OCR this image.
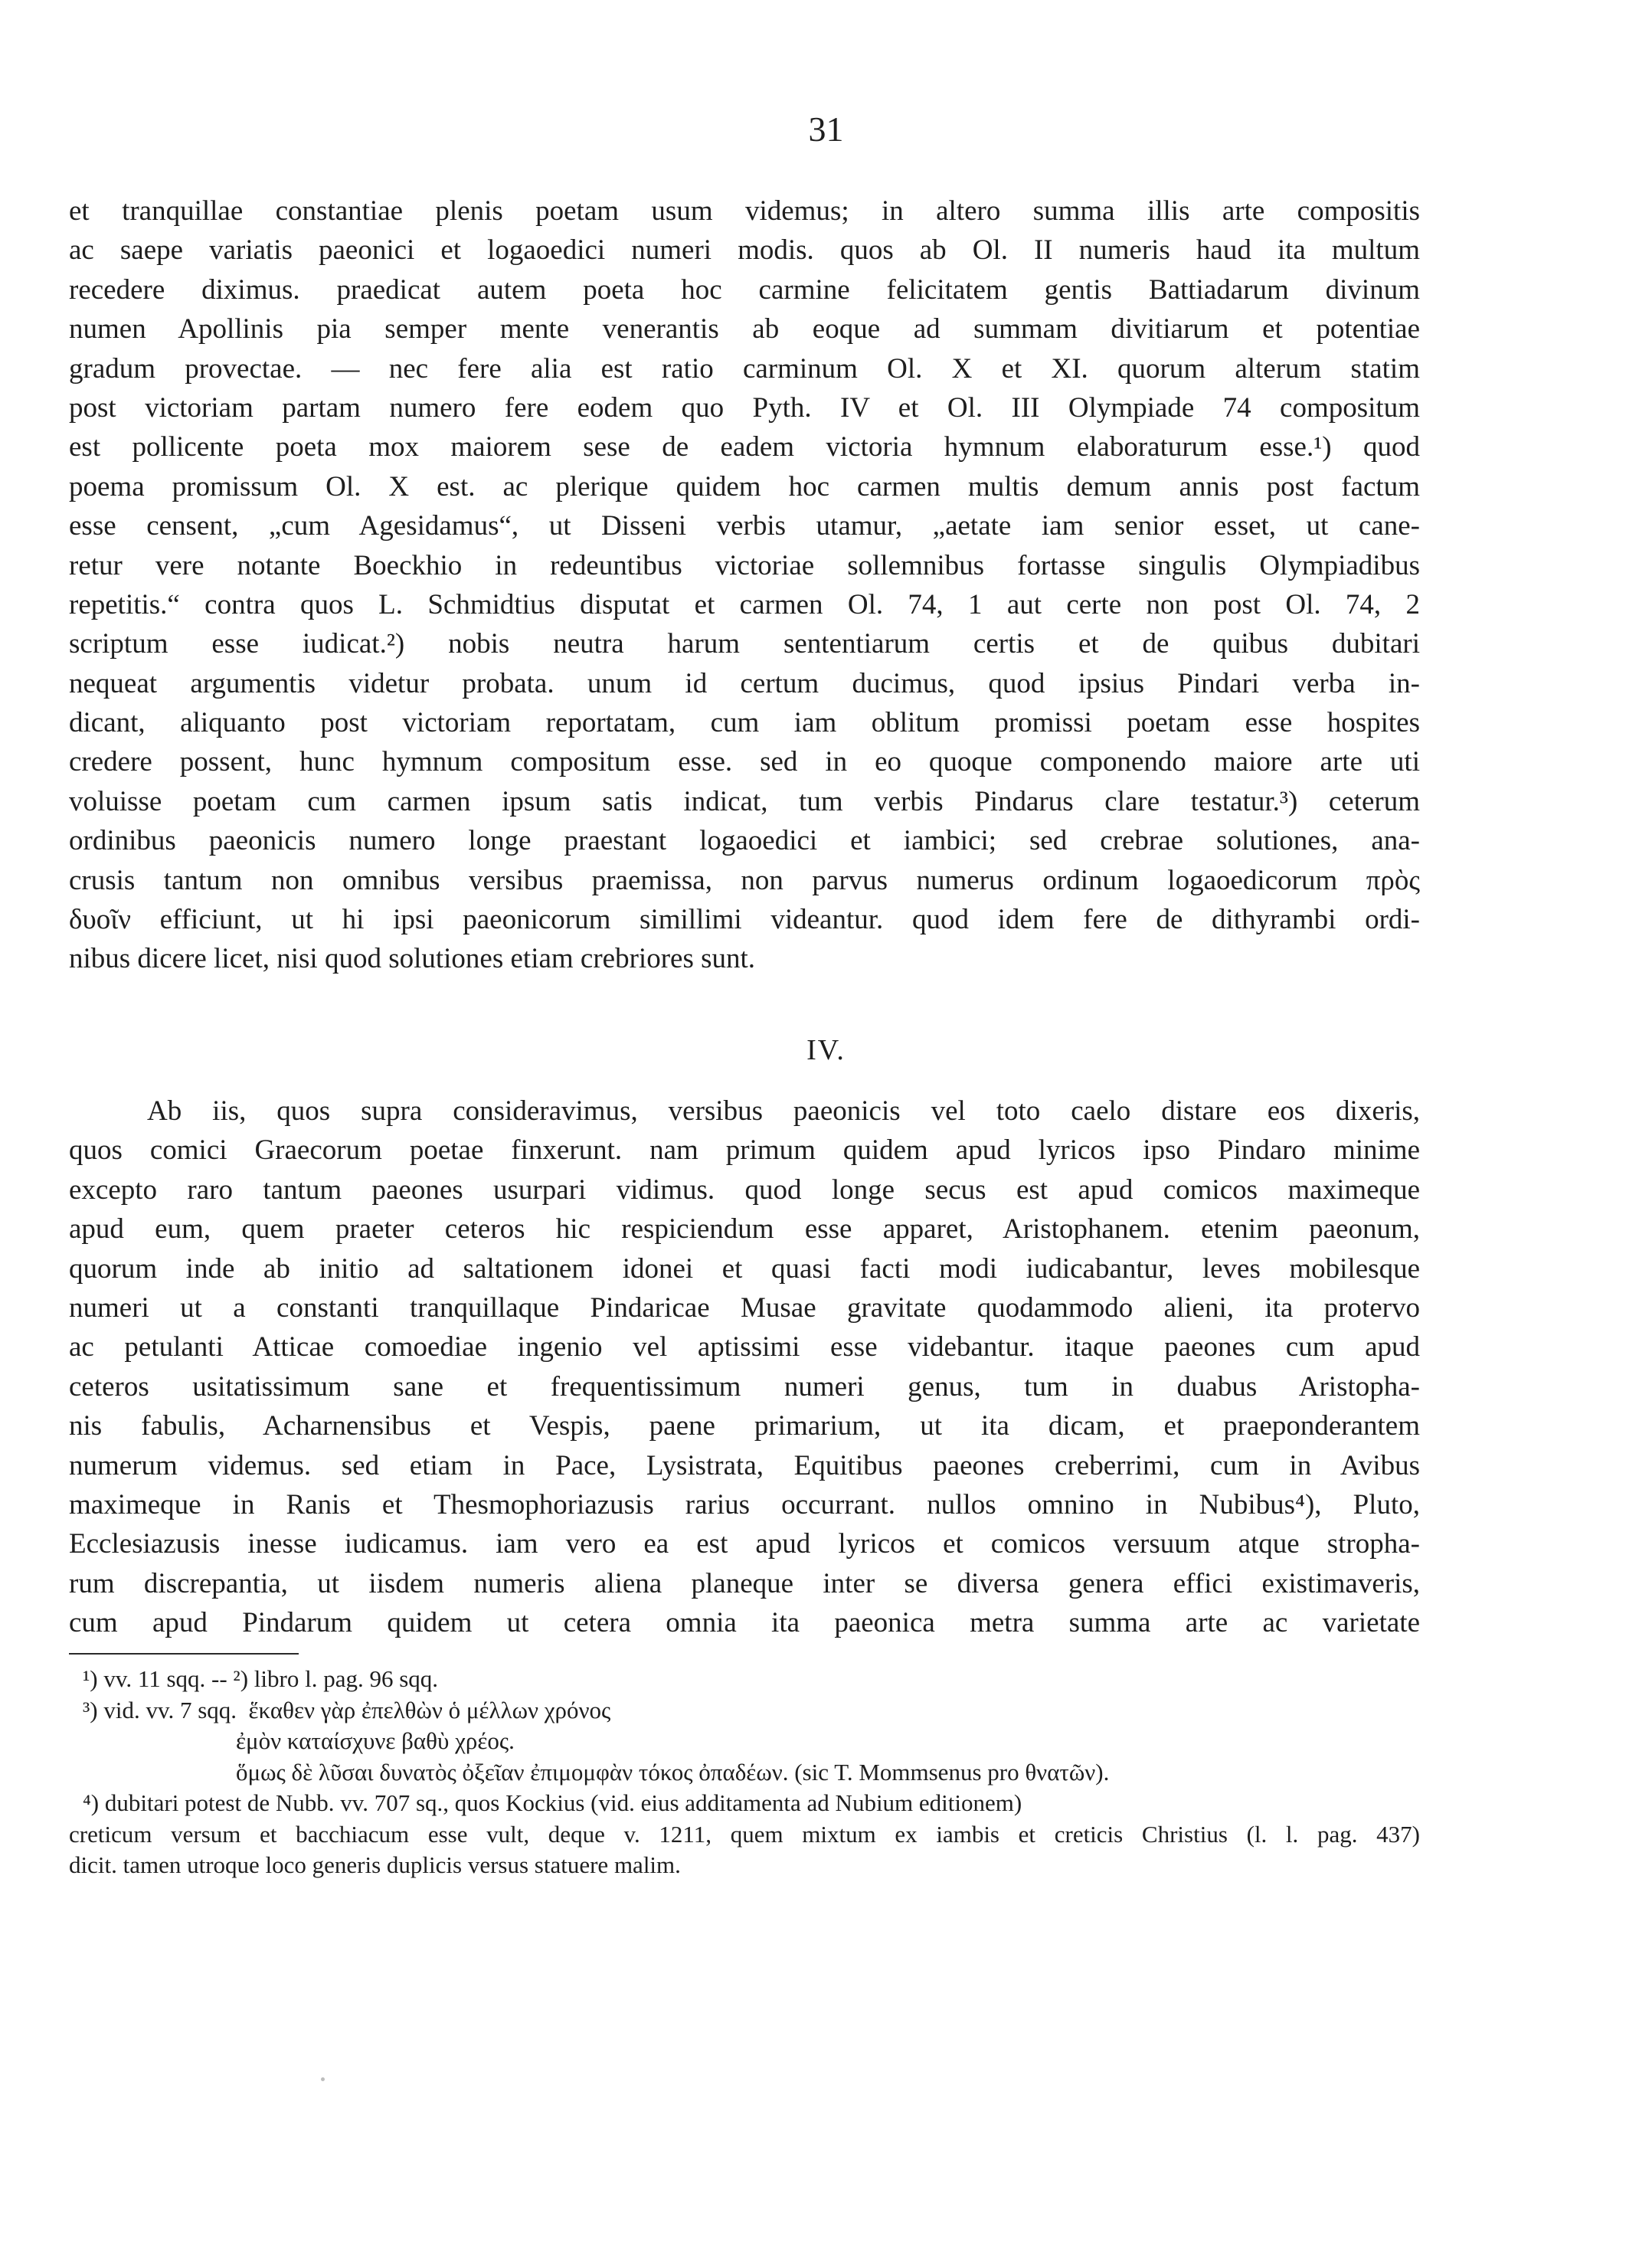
31
et tranquillae constantiae plenis poetam usum videmus; in altero summa illis arte compositis
ac saepe variatis paeonici et logaoedici numeri modis. quos ab Ol. II numeris haud ita multum
recedere diximus. praedicat autem poeta hoc carmine felicitatem gentis Battiadarum divinum
numen Apollinis pia semper mente venerantis ab eoque ad summam divitiarum et potentiae
gradum provectae. — nec fere alia est ratio carminum Ol. X et XI. quorum alterum statim
post victoriam partam numero fere eodem quo Pyth. IV et Ol. III Olympiade 74 compositum
est pollicente poeta mox maiorem sese de eadem victoria hymnum elaboraturum esse.¹) quod
poema promissum Ol. X est. ac plerique quidem hoc carmen multis demum annis post factum
esse censent, „cum Agesidamus“, ut Disseni verbis utamur, „aetate iam senior esset, ut cane-
retur vere notante Boeckhio in redeuntibus victoriae sollemnibus fortasse singulis Olympiadibus
repetitis.“ contra quos L. Schmidtius disputat et carmen Ol. 74, 1 aut certe non post Ol. 74, 2
scriptum esse iudicat.²) nobis neutra harum sententiarum certis et de quibus dubitari
nequeat argumentis videtur probata. unum id certum ducimus, quod ipsius Pindari verba in-
dicant, aliquanto post victoriam reportatam, cum iam oblitum promissi poetam esse hospites
credere possent, hunc hymnum compositum esse. sed in eo quoque componendo maiore arte uti
voluisse poetam cum carmen ipsum satis indicat, tum verbis Pindarus clare testatur.³) ceterum
ordinibus paeonicis numero longe praestant logaoedici et iambici; sed crebrae solutiones, ana-
crusis tantum non omnibus versibus praemissa, non parvus numerus ordinum logaoedicorum πρὸς
δυοῖν efficiunt, ut hi ipsi paeonicorum simillimi videantur. quod idem fere de dithyrambi ordi-
nibus dicere licet, nisi quod solutiones etiam crebriores sunt.
IV.
Ab iis, quos supra consideravimus, versibus paeonicis vel toto caelo distare eos dixeris,
quos comici Graecorum poetae finxerunt. nam primum quidem apud lyricos ipso Pindaro minime
excepto raro tantum paeones usurpari vidimus. quod longe secus est apud comicos maximeque
apud eum, quem praeter ceteros hic respiciendum esse apparet, Aristophanem. etenim paeonum,
quorum inde ab initio ad saltationem idonei et quasi facti modi iudicabantur, leves mobilesque
numeri ut a constanti tranquillaque Pindaricae Musae gravitate quodammodo alieni, ita protervo
ac petulanti Atticae comoediae ingenio vel aptissimi esse videbantur. itaque paeones cum apud
ceteros usitatissimum sane et frequentissimum numeri genus, tum in duabus Aristopha-
nis fabulis, Acharnensibus et Vespis, paene primarium, ut ita dicam, et praeponderantem
numerum videmus. sed etiam in Pace, Lysistrata, Equitibus paeones creberrimi, cum in Avibus
maximeque in Ranis et Thesmophoriazusis rarius occurrant. nullos omnino in Nubibus⁴), Pluto,
Ecclesiazusis inesse iudicamus. iam vero ea est apud lyricos et comicos versuum atque stropha-
rum discrepantia, ut iisdem numeris aliena planeque inter se diversa genera effici existimaveris,
cum apud Pindarum quidem ut cetera omnia ita paeonica metra summa arte ac varietate
¹) vv. 11 sqq. -- ²) libro l. pag. 96 sqq.
³) vid. vv. 7 sqq. ἕκαθεν γὰρ ἐπελθὼν ὁ μέλλων χρόνος
ἐμὸν καταίσχυνε βαθὺ χρέος.
ὅμως δὲ λῦσαι δυνατὸς ὀξεῖαν ἐπιμομφὰν τόκος ὀπαδέων. (sic T. Mommsenus pro θνατῶν).
⁴) dubitari potest de Nubb. vv. 707 sq., quos Kockius (vid. eius additamenta ad Nubium editionem)
creticum versum et bacchiacum esse vult, deque v. 1211, quem mixtum ex iambis et creticis Christius (l. l. pag. 437)
dicit. tamen utroque loco generis duplicis versus statuere malim.
